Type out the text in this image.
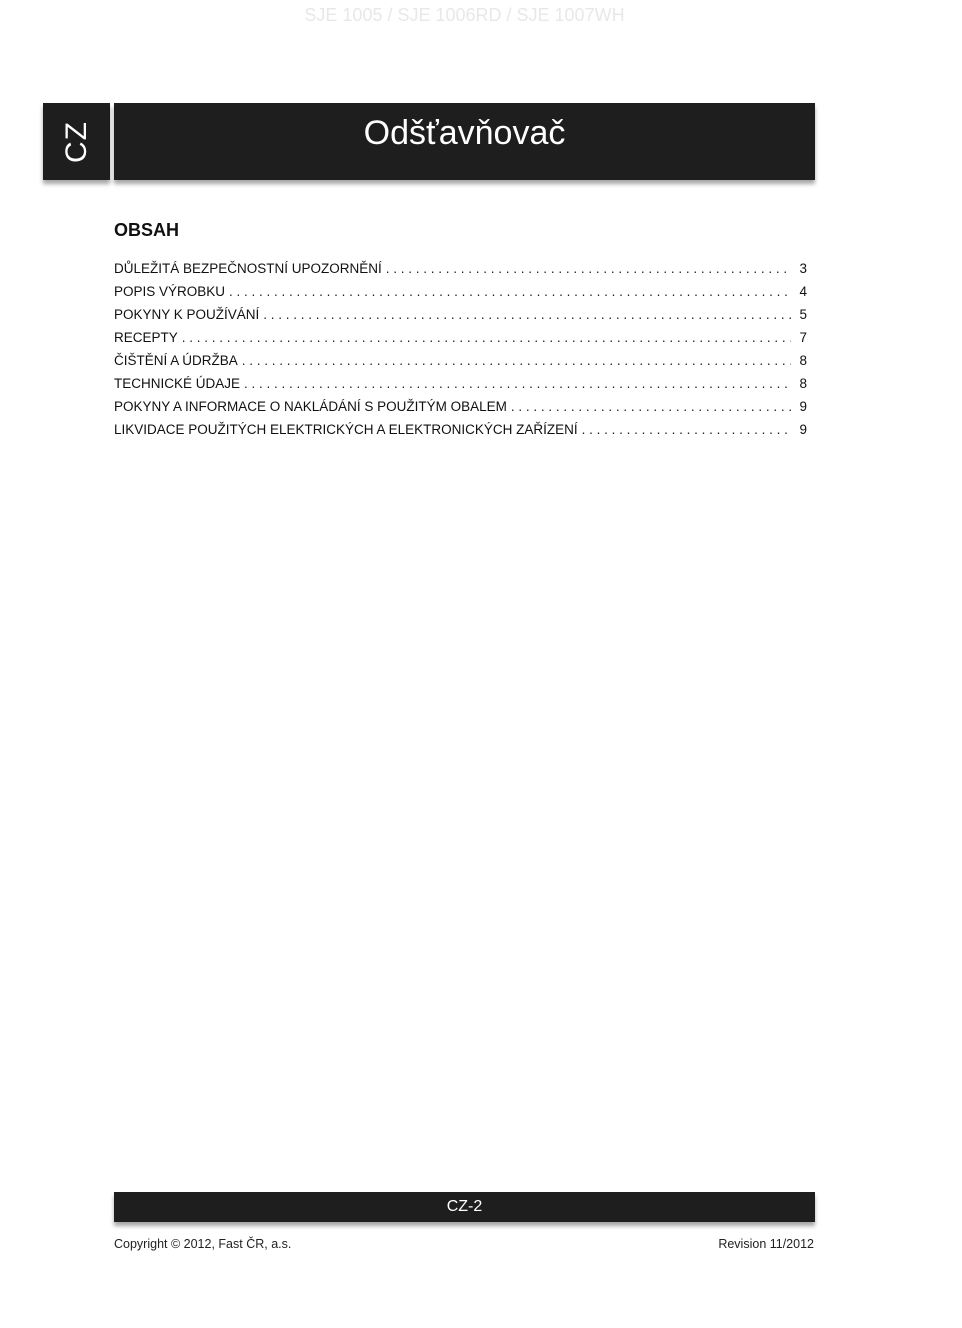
CZ	Odšťavňovač
SJE 1005 / SJE 1006RD / SJE 1007WH
OBSAH
DŮLEŽITÁ BEZPEČNOSTNÍ UPOZORNĚNÍ . . .	3
POPIS VÝROBKU . . .	4
POKYNY K POUŽÍVÁNÍ . . .	5
RECEPTY . . .	7
ČIŠTĚNÍ A ÚDRŽBA . . .	8
TECHNICKÉ ÚDAJE . . .	8
POKYNY A INFORMACE O NAKLÁDÁNÍ S POUŽITÝM OBALEM . . .	9
LIKVIDACE POUŽITÝCH ELEKTRICKÝCH A ELEKTRONICKÝCH ZAŘÍZENÍ . . .	9
CZ-2
Copyright © 2012, Fast ČR, a.s.	Revision 11/2012
